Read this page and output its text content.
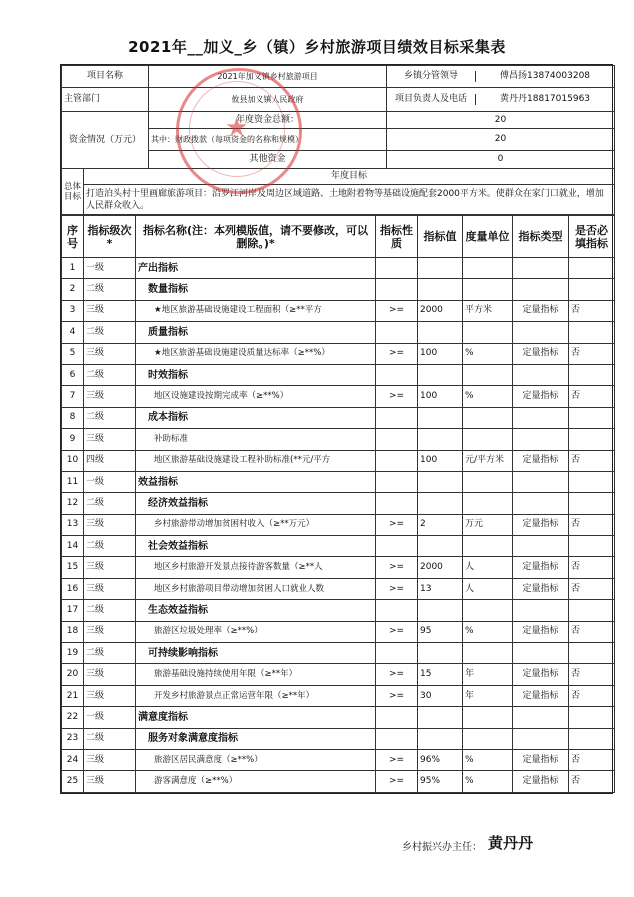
2021年__加义_乡（镇）乡村旅游项目绩效目标采集表
项目名称		2021年加义镇乡村旅游项目	乡镇分管领导 傅昌扬13874003208

主管部门		攸县加义镇人民政府	项目负责人及电话 黄丹丹18817015963

资金情况（万元）		年度资金总额：	20
		其中：财政拨款（每项资金的名称和规模）	20
		其他资金	0
总体目标	年度目标		
	打造泊头村十里画廊旅游项目：沿罗江河岸及周边区域道路、土地附着物等基础设施配套2000平方米。使群众在家门口就业，增加人民群众收入。		
序号	指标级次*	指标名称(注：本列模版值，请不要修改，可以删除。)*	指标性质	指标值	度量单位	指标类型	是否必填指标
1	一级	产出指标					
2	二级	数量指标					
3	三级	★地区旅游基础设施建设工程面积（≥**平方	>=	2000	平方米	定量指标	否
4	二级	质量指标					
5	三级	★地区旅游基础设施建设质量达标率（≥**%）	>=	100	%	定量指标	否
6	二级	时效指标					
7	三级	地区设施建设按期完成率（≥**%）	>=	100	%	定量指标	否
8	二级	成本指标					
9	三级	补助标准					
10	四级	地区旅游基础设施建设工程补助标准(**元/平方		100	元/平方米	定量指标	否
11	一级	效益指标					
12	二级	经济效益指标					
13	三级	乡村旅游带动增加贫困村收入（≥**万元）	>=	2	万元	定量指标	否
14	二级	社会效益指标					
15	三级	地区乡村旅游开发景点接待游客数量（≥**人	>=	2000	人	定量指标	否
16	三级	地区乡村旅游项目带动增加贫困人口就业人数	>=	13	人	定量指标	否
17	二级	生态效益指标					
18	三级	旅游区垃圾处理率（≥**%）	>=	95	%	定量指标	否
19	二级	可持续影响指标					
20	三级	旅游基础设施持续使用年限（≥**年）	>=	15	年	定量指标	否
21	三级	开发乡村旅游景点正常运营年限（≥**年）	>=	30	年	定量指标	否
22	一级	满意度指标					
23	二级	服务对象满意度指标					
24	三级	旅游区居民满意度（≥**%）	>=	96%	%	定量指标	否
25	三级	游客满意度（≥**%）	>=	95%	%	定量指标	否
★
乡村振兴办主任： 黄丹丹
